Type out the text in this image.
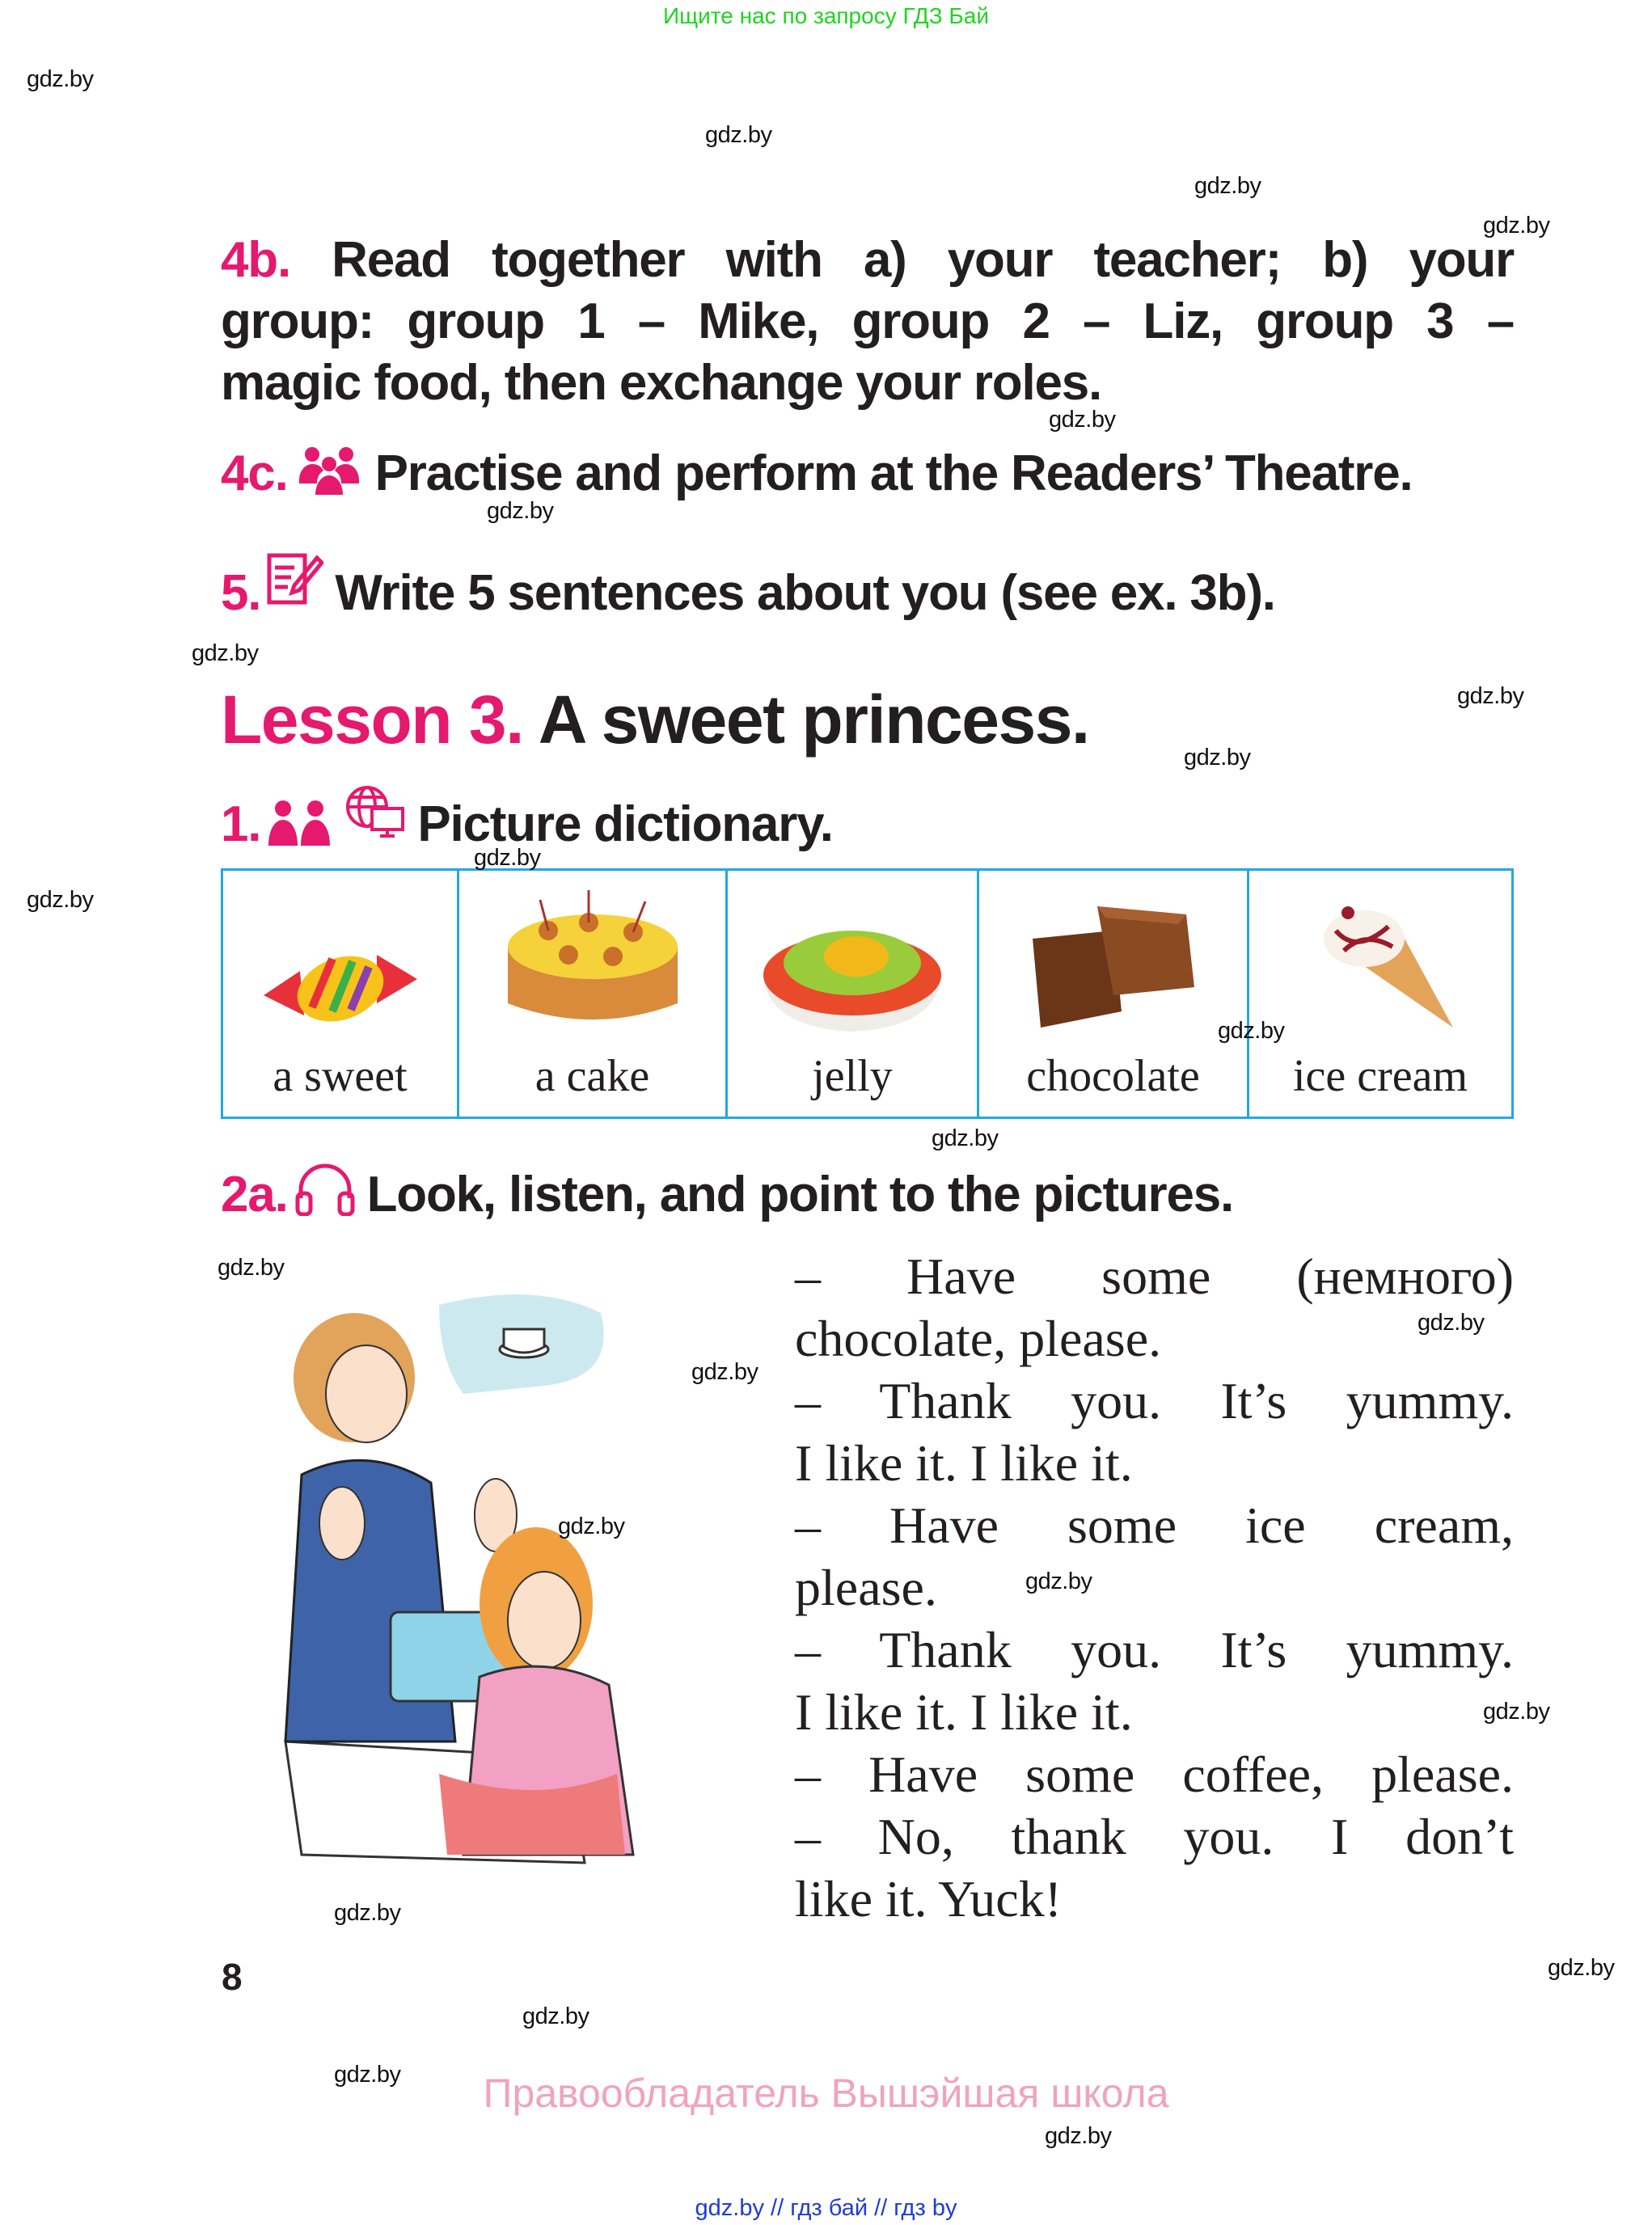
Ищите нас по запросу ГДЗ Бай
4b. Read together with a) your teacher; b) your
group: group 1 – Mike, group 2 – Liz, group 3 –
magic food, then exchange your roles.
4c. Practise and perform at the Readers’ Theatre.
5. Write 5 sentences about you (see ex. 3b).
Lesson 3. A sweet princess.
1.	Picture dictionary.
a sweet	a cake	jelly	chocolate	ice cream
2a. Look, listen, and point to the pictures.
– Have some (немного)
chocolate, please.
– Thank you. It’s yummy.
I like it. I like it.
– Have some ice cream,
please.
– Thank you. It’s yummy.
I like it. I like it.
– Have some coffee, please.
– No, thank you. I don’t
like it. Yuck!
8
Правообладатель Вышэйшая школа
gdz.by // гдз бай // гдз by
gdz.by
gdz.by
gdz.by
gdz.by
gdz.by
gdz.by
gdz.by
gdz.by
gdz.by
gdz.by
gdz.by
gdz.by
gdz.by
gdz.by
gdz.by
gdz.by
gdz.by
gdz.by
gdz.by
gdz.by
gdz.by
gdz.by
gdz.by
gdz.by
